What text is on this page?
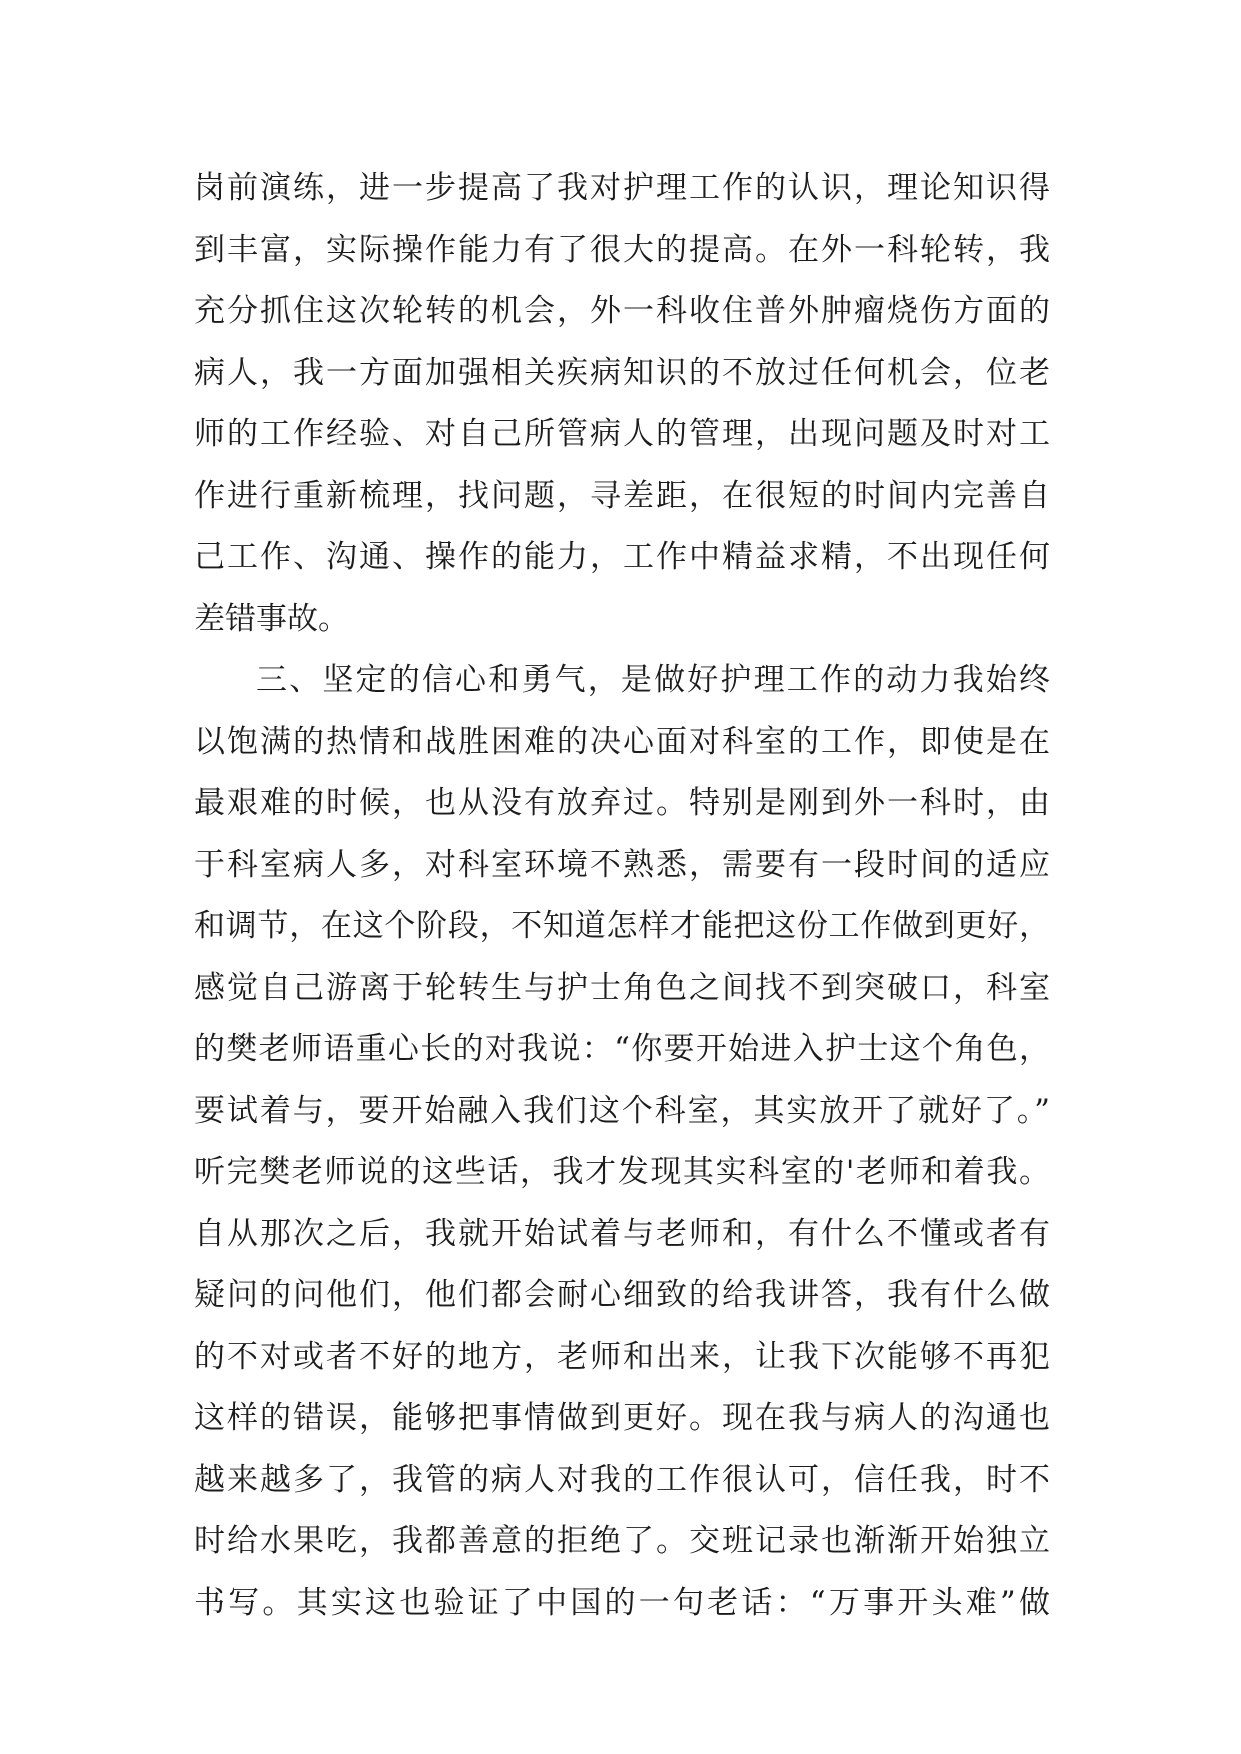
岗前演练，进一步提高了我对护理工作的认识，理论知识得
到丰富，实际操作能力有了很大的提高。在外一科轮转，我
充分抓住这次轮转的机会，外一科收住普外肿瘤烧伤方面的
病人，我一方面加强相关疾病知识的不放过任何机会，位老
师的工作经验、对自己所管病人的管理，出现问题及时对工
作进行重新梳理，找问题，寻差距，在很短的时间内完善自
己工作、沟通、操作的能力，工作中精益求精，不出现任何
差错事故。
三、坚定的信心和勇气，是做好护理工作的动力我始终
以饱满的热情和战胜困难的决心面对科室的工作，即使是在
最艰难的时候，也从没有放弃过。特别是刚到外一科时，由
于科室病人多，对科室环境不熟悉，需要有一段时间的适应
和调节，在这个阶段，不知道怎样才能把这份工作做到更好，
感觉自己游离于轮转生与护士角色之间找不到突破口，科室
的樊老师语重心长的对我说：“你要开始进入护士这个角色，
要试着与，要开始融入我们这个科室，其实放开了就好了。”
听完樊老师说的这些话，我才发现其实科室的'老师和着我。
自从那次之后，我就开始试着与老师和，有什么不懂或者有
疑问的问他们，他们都会耐心细致的给我讲答，我有什么做
的不对或者不好的地方，老师和出来，让我下次能够不再犯
这样的错误，能够把事情做到更好。现在我与病人的沟通也
越来越多了，我管的病人对我的工作很认可，信任我，时不
时给水果吃，我都善意的拒绝了。交班记录也渐渐开始独立
书写。其实这也验证了中国的一句老话：“万事开头难”做
